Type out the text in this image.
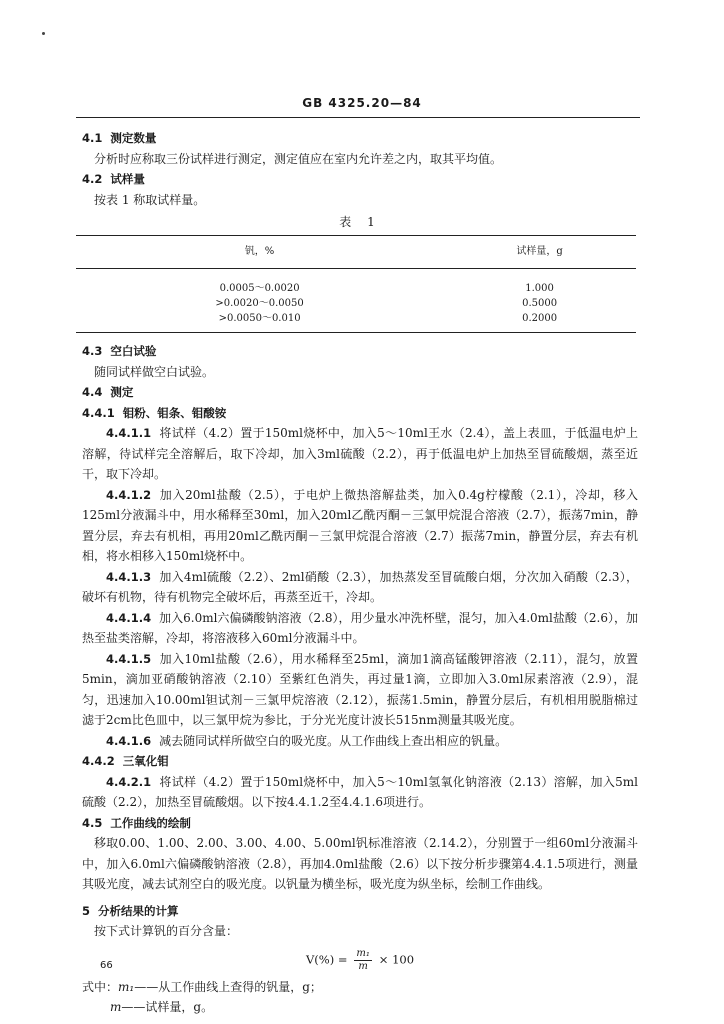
GB 4325.20—84
4.1 测定数量
分析时应称取三份试样进行测定，测定值应在室内允许差之内，取其平均值。
4.2 试样量
按表 1 称取试样量。
表 1
钒，%	试样量，g
0.0005～0.0020	1.000
>0.0020～0.0050	0.5000
>0.0050～0.010	0.2000
4.3 空白试验
随同试样做空白试验。
4.4 测定
4.4.1 钼粉、钼条、钼酸铵
4.4.1.1 将试样（4.2）置于150ml烧杯中，加入5～10ml王水（2.4），盖上表皿，于低温电炉上溶解，待试样完全溶解后，取下冷却，加入3ml硫酸（2.2），再于低温电炉上加热至冒硫酸烟，蒸至近干，取下冷却。
4.4.1.2 加入20ml盐酸（2.5），于电炉上微热溶解盐类，加入0.4g柠檬酸（2.1），冷却，移入125ml分液漏斗中，用水稀释至30ml，加入20ml乙酰丙酮－三氯甲烷混合溶液（2.7），振荡7min，静置分层，弃去有机相，再用20ml乙酰丙酮－三氯甲烷混合溶液（2.7）振荡7min，静置分层，弃去有机相，将水相移入150ml烧杯中。
4.4.1.3 加入4ml硫酸（2.2）、2ml硝酸（2.3），加热蒸发至冒硫酸白烟，分次加入硝酸（2.3），破坏有机物，待有机物完全破坏后，再蒸至近干，冷却。
4.4.1.4 加入6.0ml六偏磷酸钠溶液（2.8），用少量水冲洗杯壁，混匀，加入4.0ml盐酸（2.6），加热至盐类溶解，冷却，将溶液移入60ml分液漏斗中。
4.4.1.5 加入10ml盐酸（2.6），用水稀释至25ml，滴加1滴高锰酸钾溶液（2.11），混匀，放置5min，滴加亚硝酸钠溶液（2.10）至紫红色消失，再过量1滴，立即加入3.0ml尿素溶液（2.9），混匀，迅速加入10.00ml钽试剂－三氯甲烷溶液（2.12），振荡1.5min，静置分层后，有机相用脱脂棉过滤于2cm比色皿中，以三氯甲烷为参比，于分光光度计波长515nm测量其吸光度。
4.4.1.6 减去随同试样所做空白的吸光度。从工作曲线上查出相应的钒量。
4.4.2 三氧化钼
4.4.2.1 将试样（4.2）置于150ml烧杯中，加入5～10ml氢氧化钠溶液（2.13）溶解，加入5ml硫酸（2.2），加热至冒硫酸烟。以下按4.4.1.2至4.4.1.6项进行。
4.5 工作曲线的绘制
移取0.00、1.00、2.00、3.00、4.00、5.00ml钒标准溶液（2.14.2），分别置于一组60ml分液漏斗中，加入6.0ml六偏磷酸钠溶液（2.8），再加4.0ml盐酸（2.6）以下按分析步骤第4.4.1.5项进行，测量其吸光度，减去试剂空白的吸光度。以钒量为横坐标，吸光度为纵坐标，绘制工作曲线。
5 分析结果的计算
按下式计算钒的百分含量：
$V(\%) = \frac{\text{m₁}}{m} \times 100$
式中：m₁——从工作曲线上查得的钒量，g；
m——试样量，g。
66
